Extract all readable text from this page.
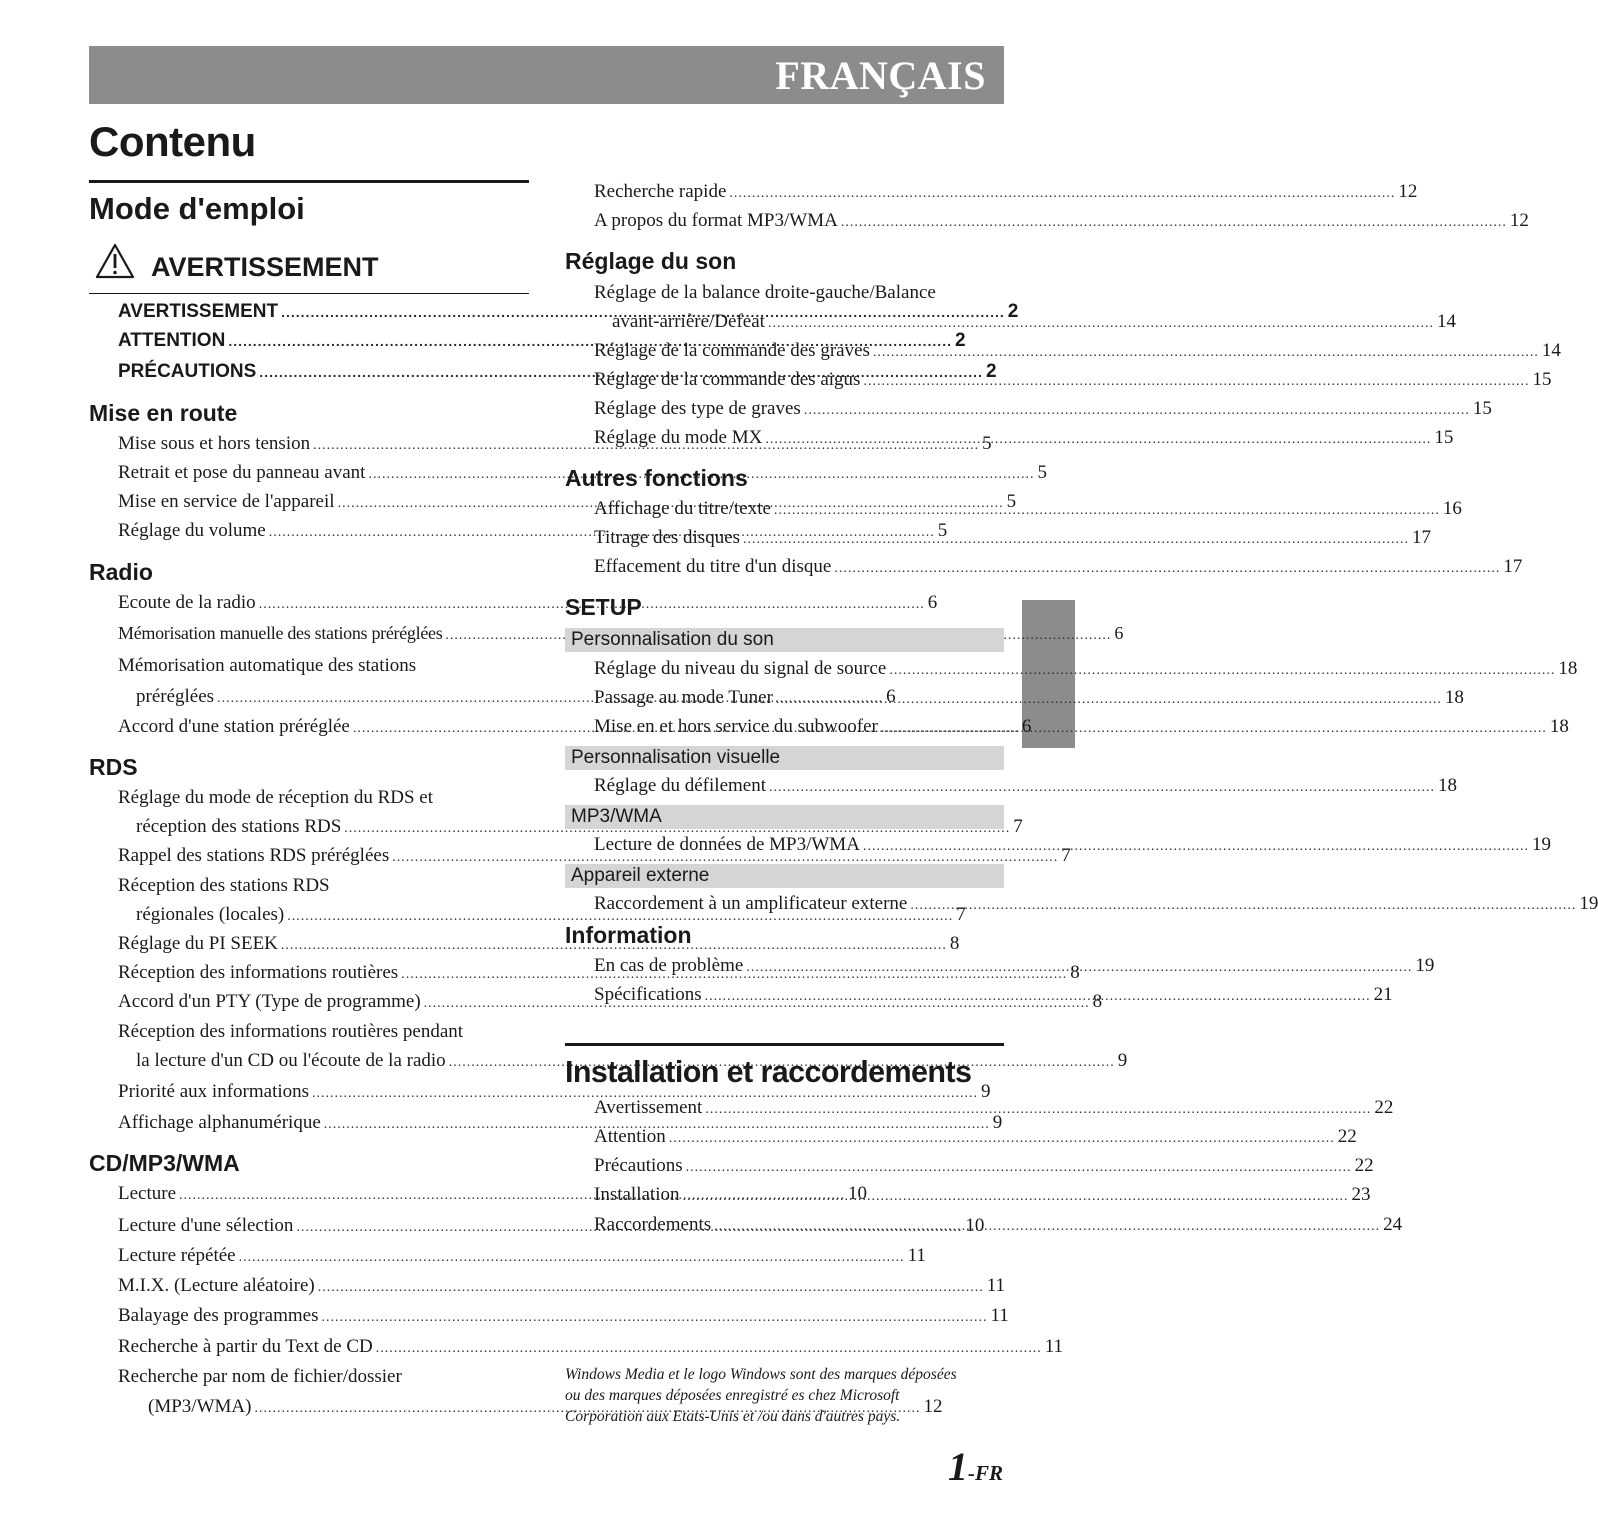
FRANÇAIS
Contenu
Mode d'emploi
AVERTISSEMENT
AVERTISSEMENT .....	2
ATTENTION .....	2
PRÉCAUTIONS .....	2
Mise en route
Mise sous et hors tension .....	5
Retrait et pose du panneau avant .....	5
Mise en service de l'appareil .....	5
Réglage du volume .....	5
Radio
Ecoute de la radio .....	6
Mémorisation manuelle des stations préréglées .....	6
Mémorisation automatique des stations
préréglées .....	6
Accord d'une station préréglée .....	6
RDS
Réglage du mode de réception du RDS et
réception des stations RDS .....	7
Rappel des stations RDS préréglées .....	7
Réception des stations RDS
régionales (locales) .....	7
Réglage du PI SEEK .....	8
Réception des informations routières .....	8
Accord d'un PTY (Type de programme) .....	8
Réception des informations routières pendant
la lecture d'un CD ou l'écoute de la radio .....	9
Priorité aux informations .....	9
Affichage alphanumérique .....	9
CD/MP3/WMA
Lecture .....	10
Lecture d'une sélection .....	10
Lecture répétée .....	11
M.I.X. (Lecture aléatoire) .....	11
Balayage des programmes .....	11
Recherche à partir du Text de CD .....	11
Recherche par nom de fichier/dossier
(MP3/WMA) .....	12
Recherche rapide .....	12
A propos du format MP3/WMA .....	12
Réglage du son
Réglage de la balance droite-gauche/Balance
avant-arrière/Defeat .....	14
Réglage de la commande des graves .....	14
Réglage de la commande des aigus .....	15
Réglage des type de graves .....	15
Réglage du mode MX .....	15
Autres fonctions
Affichage du titre/texte .....	16
Titrage des disques .....	17
Effacement du titre d'un disque .....	17
SETUP
Personnalisation du son
Réglage du niveau du signal de source .....	18
Passage au mode Tuner .....	18
Mise en et hors service du subwoofer .....	18
Personnalisation visuelle
Réglage du défilement .....	18
MP3/WMA
Lecture de données de MP3/WMA .....	19
Appareil externe
Raccordement à un amplificateur externe .....	19
Information
En cas de problème .....	19
Spécifications .....	21
Installation et raccordements
Avertissement .....	22
Attention .....	22
Précautions .....	22
Installation .....	23
Raccordements .....	24
Windows Media et le logo Windows sont des marques déposées
ou des marques déposées enregistré es chez Microsoft
Corporation aux Etats-Unis et /ou dans d'autres pays.
1-FR
